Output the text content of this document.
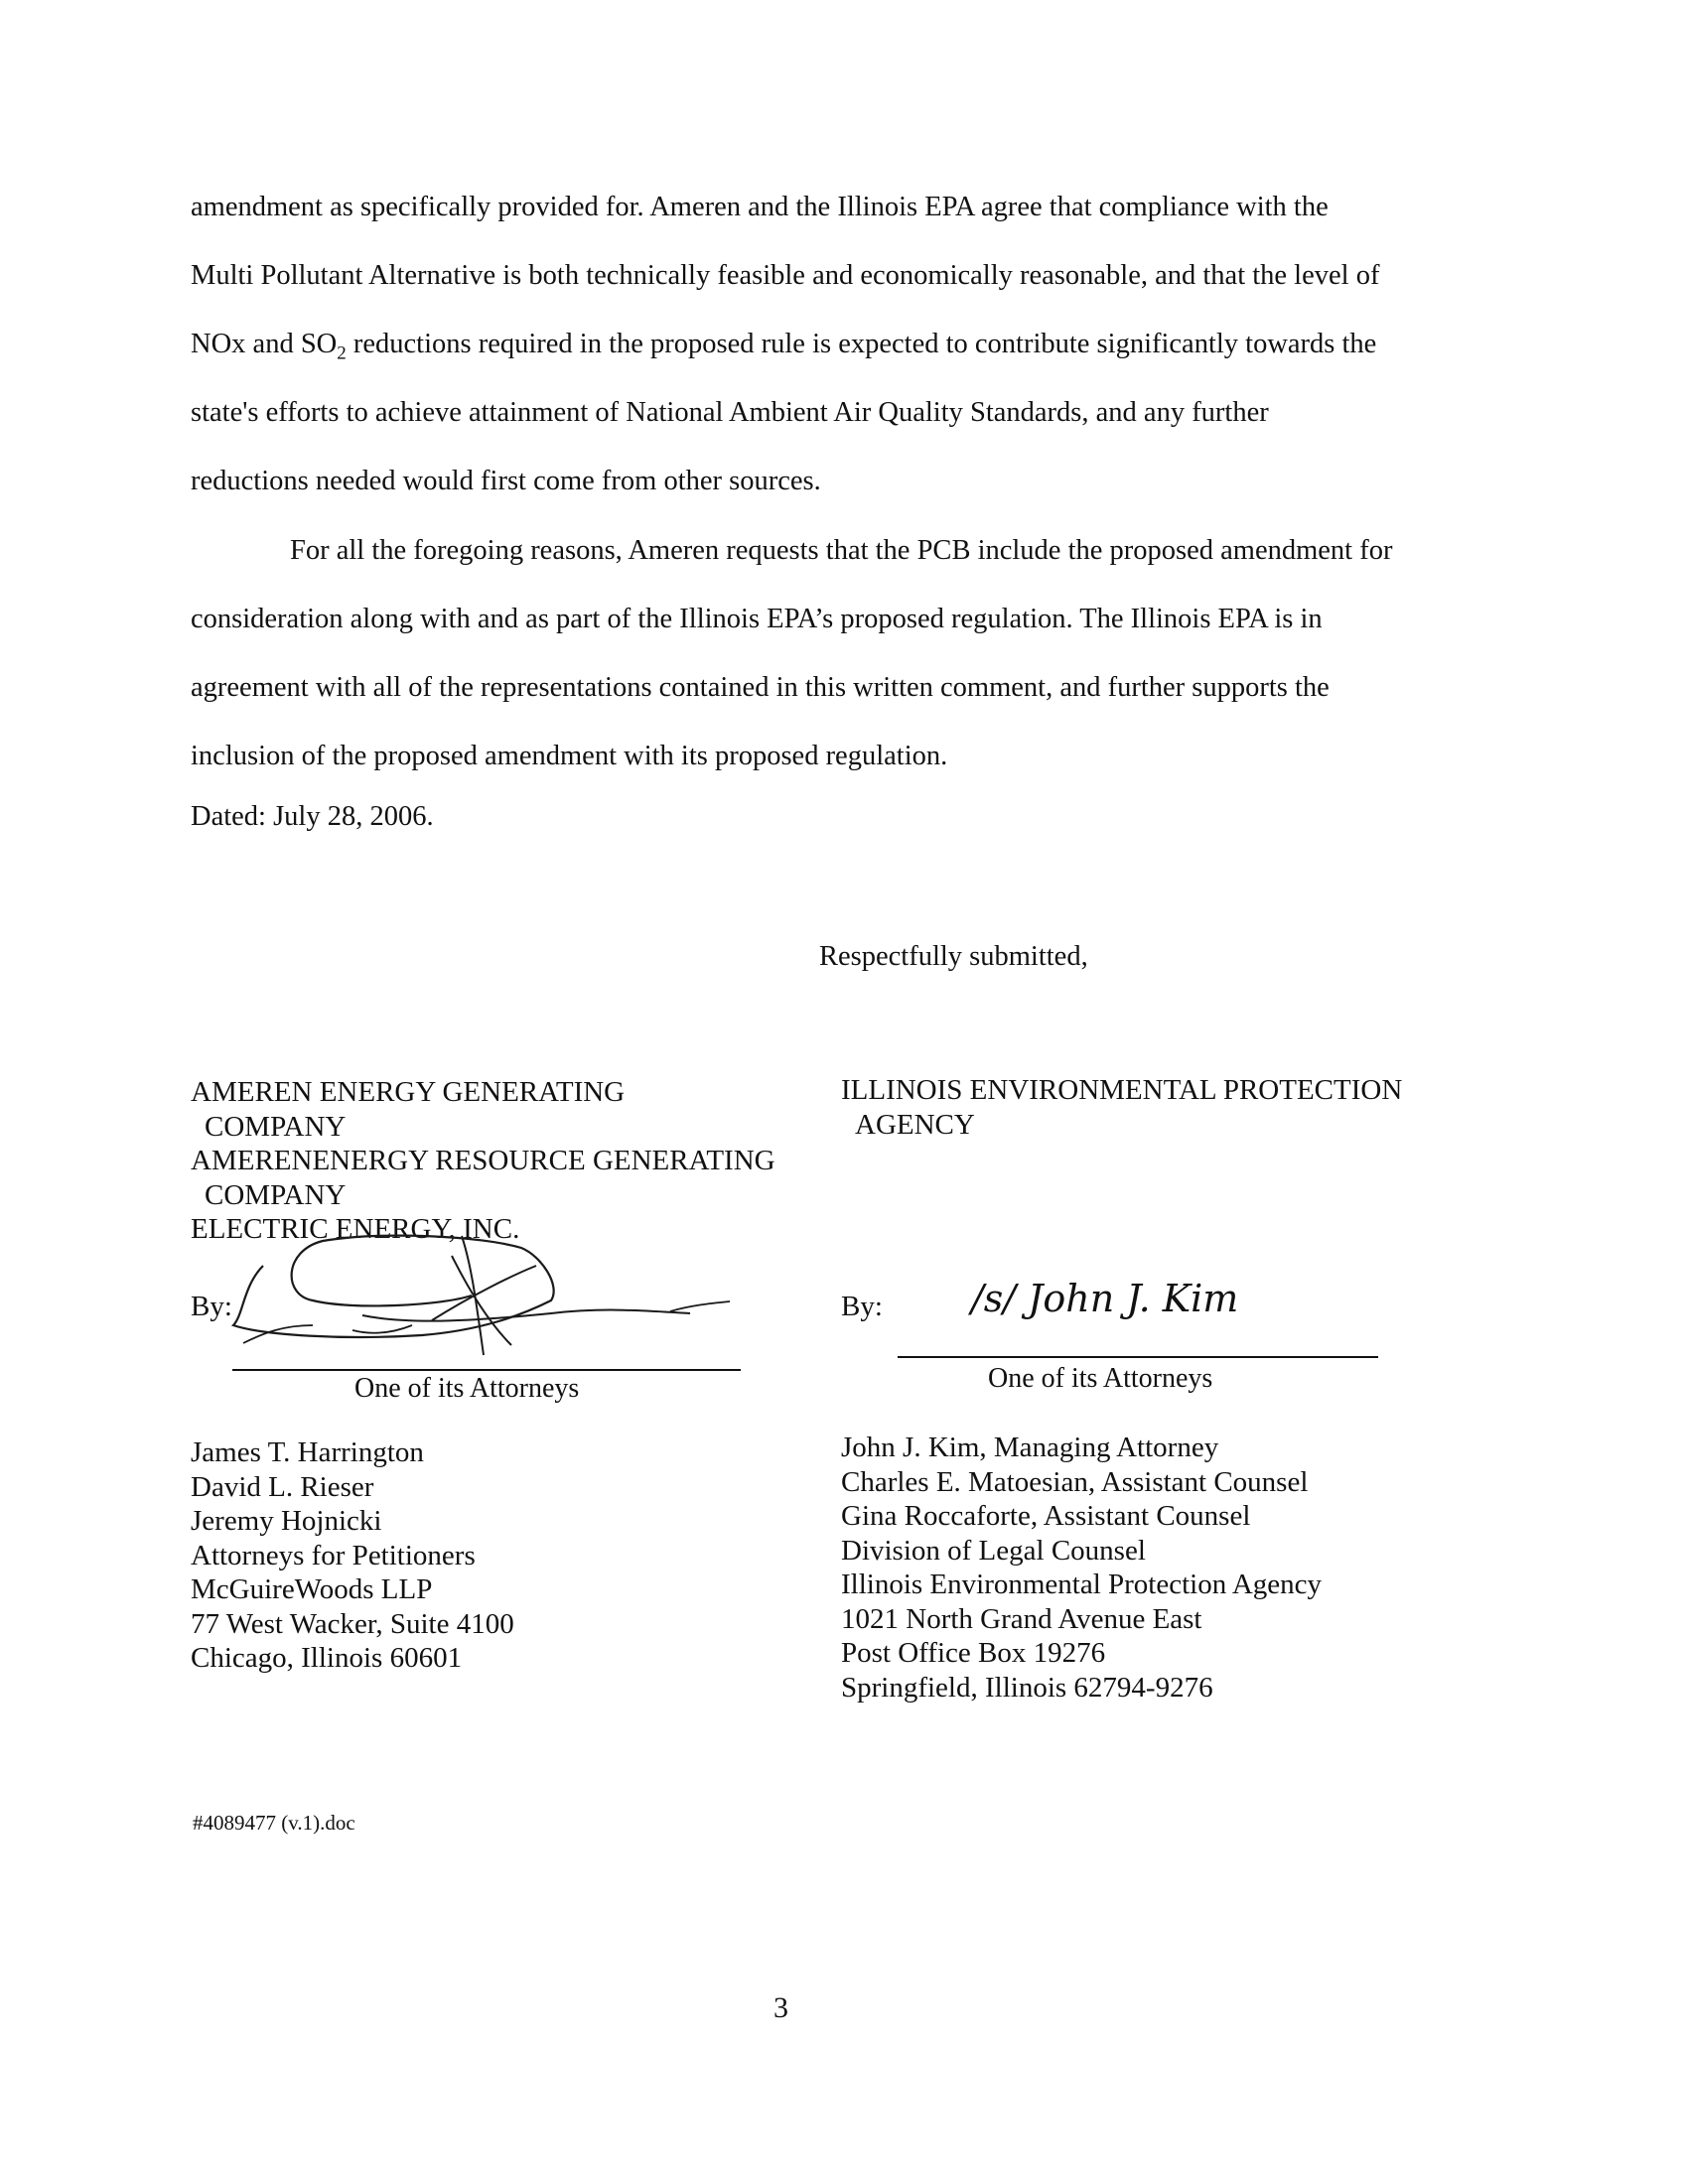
amendment as specifically provided for. Ameren and the Illinois EPA agree that compliance with the
Multi Pollutant Alternative is both technically feasible and economically reasonable, and that the level of
NOx and $SO_2$ reductions required in the proposed rule is expected to contribute significantly towards the
state's efforts to achieve attainment of National Ambient Air Quality Standards, and any further
reductions needed would first come from other sources.
For all the foregoing reasons, Ameren requests that the PCB include the proposed amendment for
consideration along with and as part of the Illinois EPA’s proposed regulation. The Illinois EPA is in
agreement with all of the representations contained in this written comment, and further supports the
inclusion of the proposed amendment with its proposed regulation.
Dated: July 28, 2006.
Respectfully submitted,
AMEREN ENERGY GENERATING
COMPANY
AMERENENERGY RESOURCE GENERATING
COMPANY
ELECTRIC ENERGY, INC.
By:
One of its Attorneys
James T. Harrington
David L. Rieser
Jeremy Hojnicki
Attorneys for Petitioners
McGuireWoods LLP
77 West Wacker, Suite 4100
Chicago, Illinois 60601
ILLINOIS ENVIRONMENTAL PROTECTION
AGENCY
By: /s/ John J. Kim
One of its Attorneys
John J. Kim, Managing Attorney
Charles E. Matoesian, Assistant Counsel
Gina Roccaforte, Assistant Counsel
Division of Legal Counsel
Illinois Environmental Protection Agency
1021 North Grand Avenue East
Post Office Box 19276
Springfield, Illinois 62794-9276
#4089477 (v.1).doc
3
